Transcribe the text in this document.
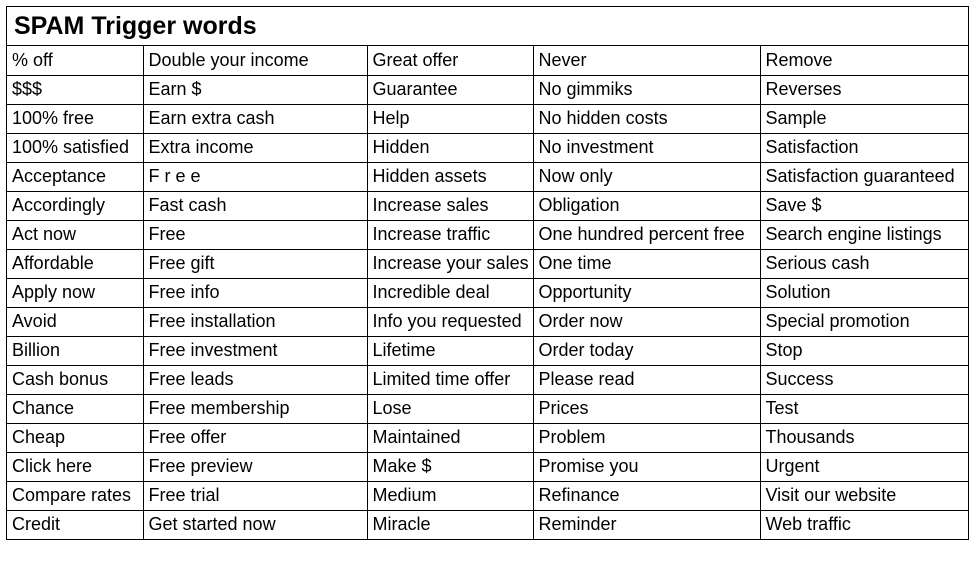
SPAM Trigger words
% off	Double your income	Great offer	Never	Remove
$$$	Earn $	Guarantee	No gimmiks	Reverses
100% free	Earn extra cash	Help	No hidden costs	Sample
100% satisfied	Extra income	Hidden	No investment	Satisfaction
Acceptance	F r e e	Hidden assets	Now only	Satisfaction guaranteed
Accordingly	Fast cash	Increase sales	Obligation	Save $
Act now	Free	Increase traffic	One hundred percent free	Search engine listings
Affordable	Free gift	Increase your sales	One time	Serious cash
Apply now	Free info	Incredible deal	Opportunity	Solution
Avoid	Free installation	Info you requested	Order now	Special promotion
Billion	Free investment	Lifetime	Order today	Stop
Cash bonus	Free leads	Limited time offer	Please read	Success
Chance	Free membership	Lose	Prices	Test
Cheap	Free offer	Maintained	Problem	Thousands
Click here	Free preview	Make $	Promise you	Urgent
Compare rates	Free trial	Medium	Refinance	Visit our website
Credit	Get started now	Miracle	Reminder	Web traffic
